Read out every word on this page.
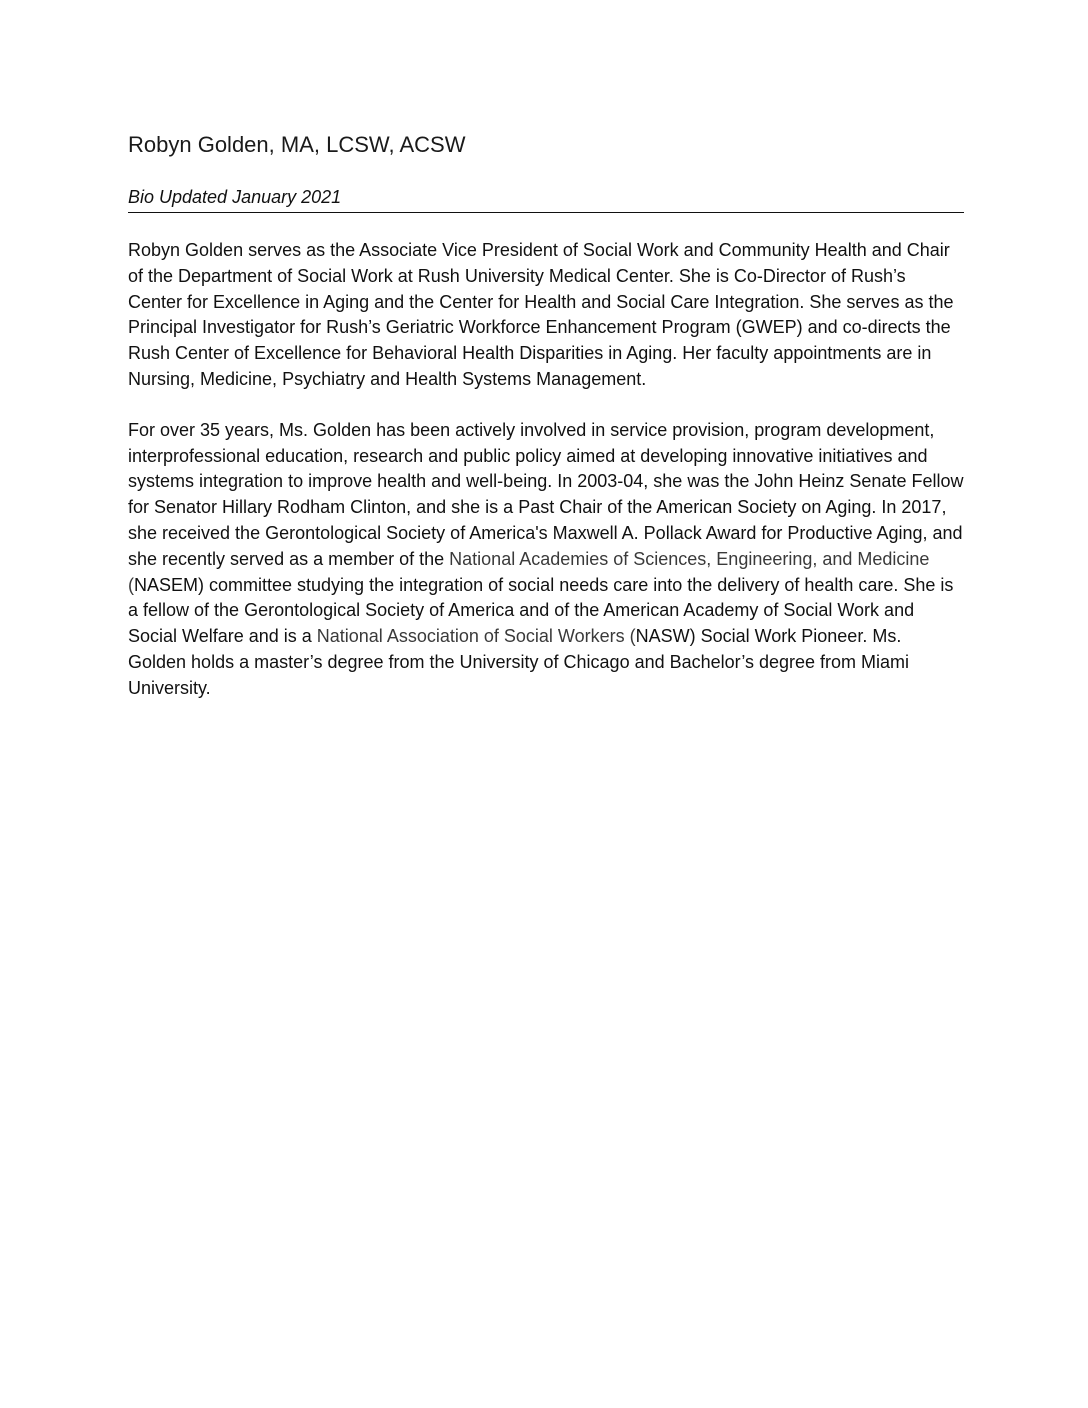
Robyn Golden, MA, LCSW, ACSW
Bio Updated January 2021

Robyn Golden serves as the Associate Vice President of Social Work and Community Health and Chair of the Department of Social Work at Rush University Medical Center. She is Co-Director of Rush’s Center for Excellence in Aging and the Center for Health and Social Care Integration. She serves as the Principal Investigator for Rush’s Geriatric Workforce Enhancement Program (GWEP) and co-directs the Rush Center of Excellence for Behavioral Health Disparities in Aging. Her faculty appointments are in Nursing, Medicine, Psychiatry and Health Systems Management.

For over 35 years, Ms. Golden has been actively involved in service provision, program development, interprofessional education, research and public policy aimed at developing innovative initiatives and systems integration to improve health and well-being. In 2003-04, she was the John Heinz Senate Fellow for Senator Hillary Rodham Clinton, and she is a Past Chair of the American Society on Aging. In 2017, she received the Gerontological Society of America's Maxwell A. Pollack Award for Productive Aging, and she recently served as a member of the National Academies of Sciences, Engineering, and Medicine (NASEM) committee studying the integration of social needs care into the delivery of health care. She is a fellow of the Gerontological Society of America and of the American Academy of Social Work and Social Welfare and is a National Association of Social Workers (NASW) Social Work Pioneer. Ms. Golden holds a master’s degree from the University of Chicago and Bachelor’s degree from Miami University.
